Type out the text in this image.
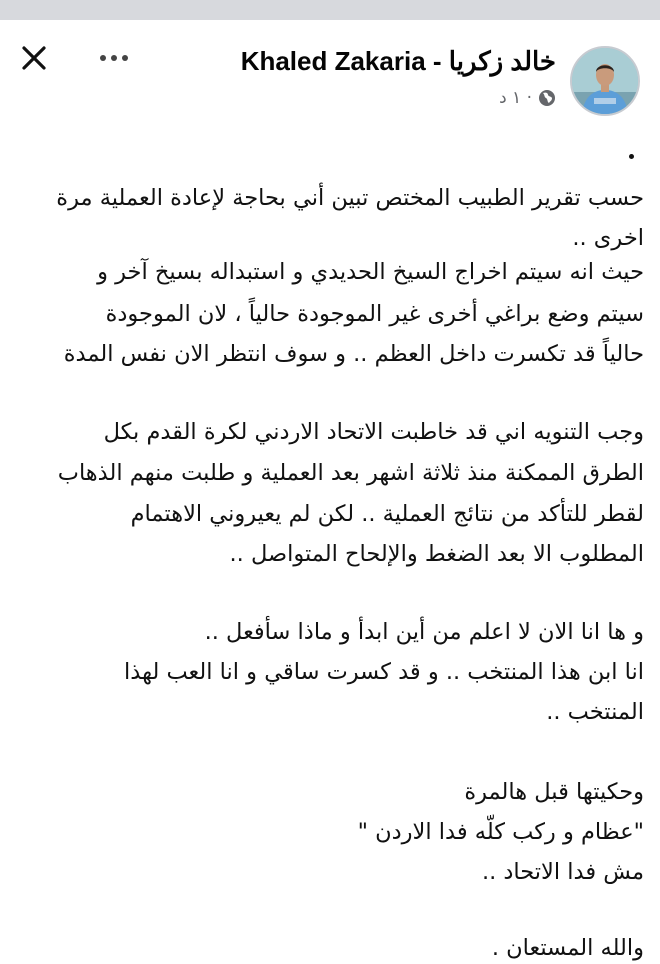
Khaled Zakaria - خالد زكريا
١ د ·
حسب تقرير الطبيب المختص تبين أني بحاجة لإعادة العملية مرة
اخرى ..
حيث انه سيتم اخراج السيخ الحديدي و استبداله بسيخ آخر و
سيتم وضع براغي أخرى غير الموجودة حالياً ، لان الموجودة
حالياً قد تكسرت داخل العظم .. و سوف انتظر الان نفس المدة
وجب التنويه اني قد خاطبت الاتحاد الاردني لكرة القدم بكل
الطرق الممكنة منذ ثلاثة اشهر بعد العملية و طلبت منهم الذهاب
لقطر للتأكد من نتائج العملية .. لكن لم يعيروني الاهتمام
المطلوب الا بعد الضغط والإلحاح المتواصل ..
و ها انا الان لا اعلم من أين ابدأ و ماذا سأفعل ..
انا ابن هذا المنتخب .. و قد كسرت ساقي و انا العب لهذا
المنتخب ..
وحكيتها قبل هالمرة
"عظام و ركب كلّه فدا الاردن "
مش فدا الاتحاد ..
والله المستعان .
